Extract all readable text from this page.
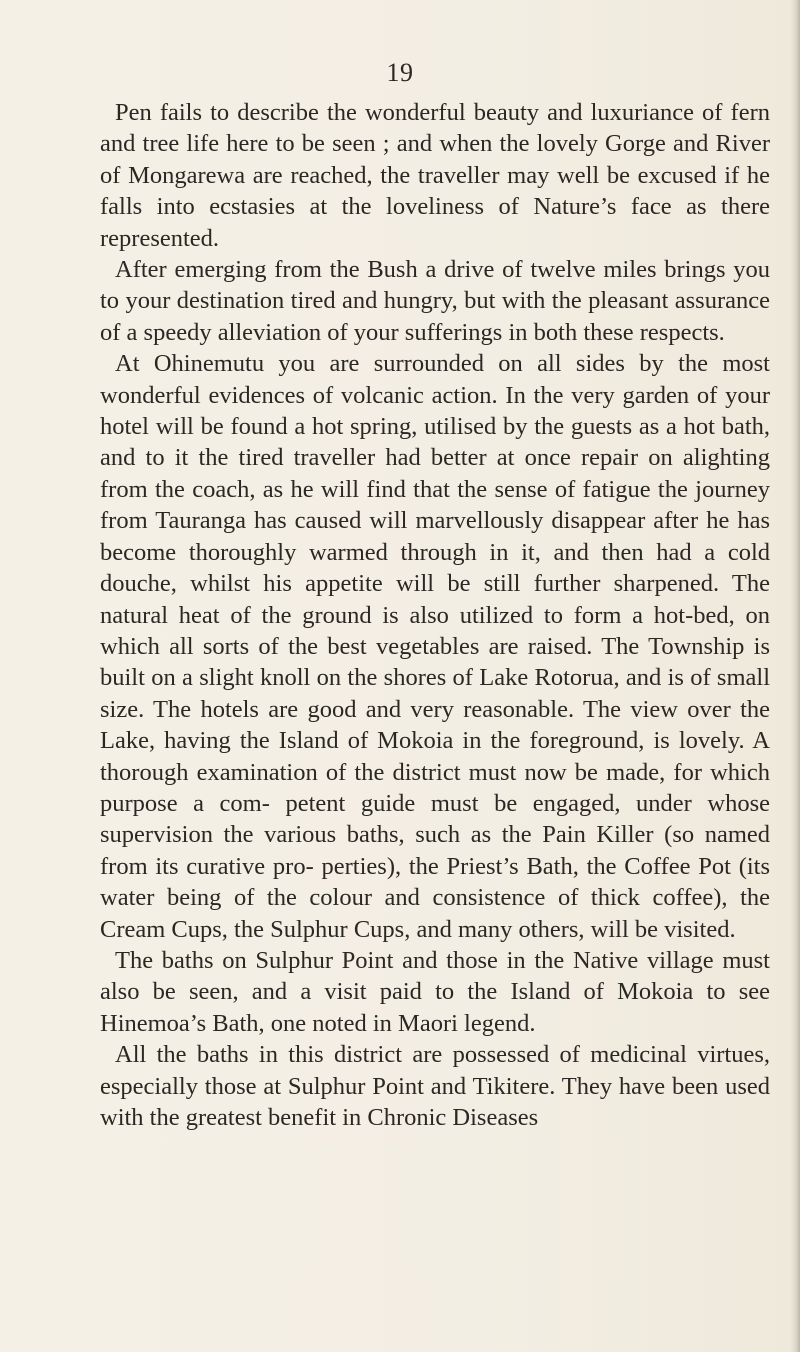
19

Pen fails to describe the wonderful beauty and luxuriance of fern and tree life here to be seen ; and when the lovely Gorge and River of Mongarewa are reached, the traveller may well be excused if he falls into ecstasies at the loveliness of Nature’s face as there represented.

After emerging from the Bush a drive of twelve miles brings you to your destination tired and hungry, but with the pleasant assurance of a speedy alleviation of your sufferings in both these respects.

At Ohinemutu you are surrounded on all sides by the most wonderful evidences of volcanic action. In the very garden of your hotel will be found a hot spring, utilised by the guests as a hot bath, and to it the tired traveller had better at once repair on alighting from the coach, as he will find that the sense of fatigue the journey from Tauranga has caused will marvellously disappear after he has become thoroughly warmed through in it, and then had a cold douche, whilst his appetite will be still further sharpened. The natural heat of the ground is also utilized to form a hot-bed, on which all sorts of the best vegetables are raised. The Township is built on a slight knoll on the shores of Lake Rotorua, and is of small size. The hotels are good and very reasonable. The view over the Lake, having the Island of Mokoia in the foreground, is lovely. A thorough examination of the district must now be made, for which purpose a com- petent guide must be engaged, under whose supervision the various baths, such as the Pain Killer (so named from its curative pro- perties), the Priest’s Bath, the Coffee Pot (its water being of the colour and consistence of thick coffee), the Cream Cups, the Sulphur Cups, and many others, will be visited.

The baths on Sulphur Point and those in the Native village must also be seen, and a visit paid to the Island of Mokoia to see Hinemoa’s Bath, one noted in Maori legend.

All the baths in this district are possessed of medicinal virtues, especially those at Sulphur Point and Tikitere. They have been used with the greatest benefit in Chronic Diseases
